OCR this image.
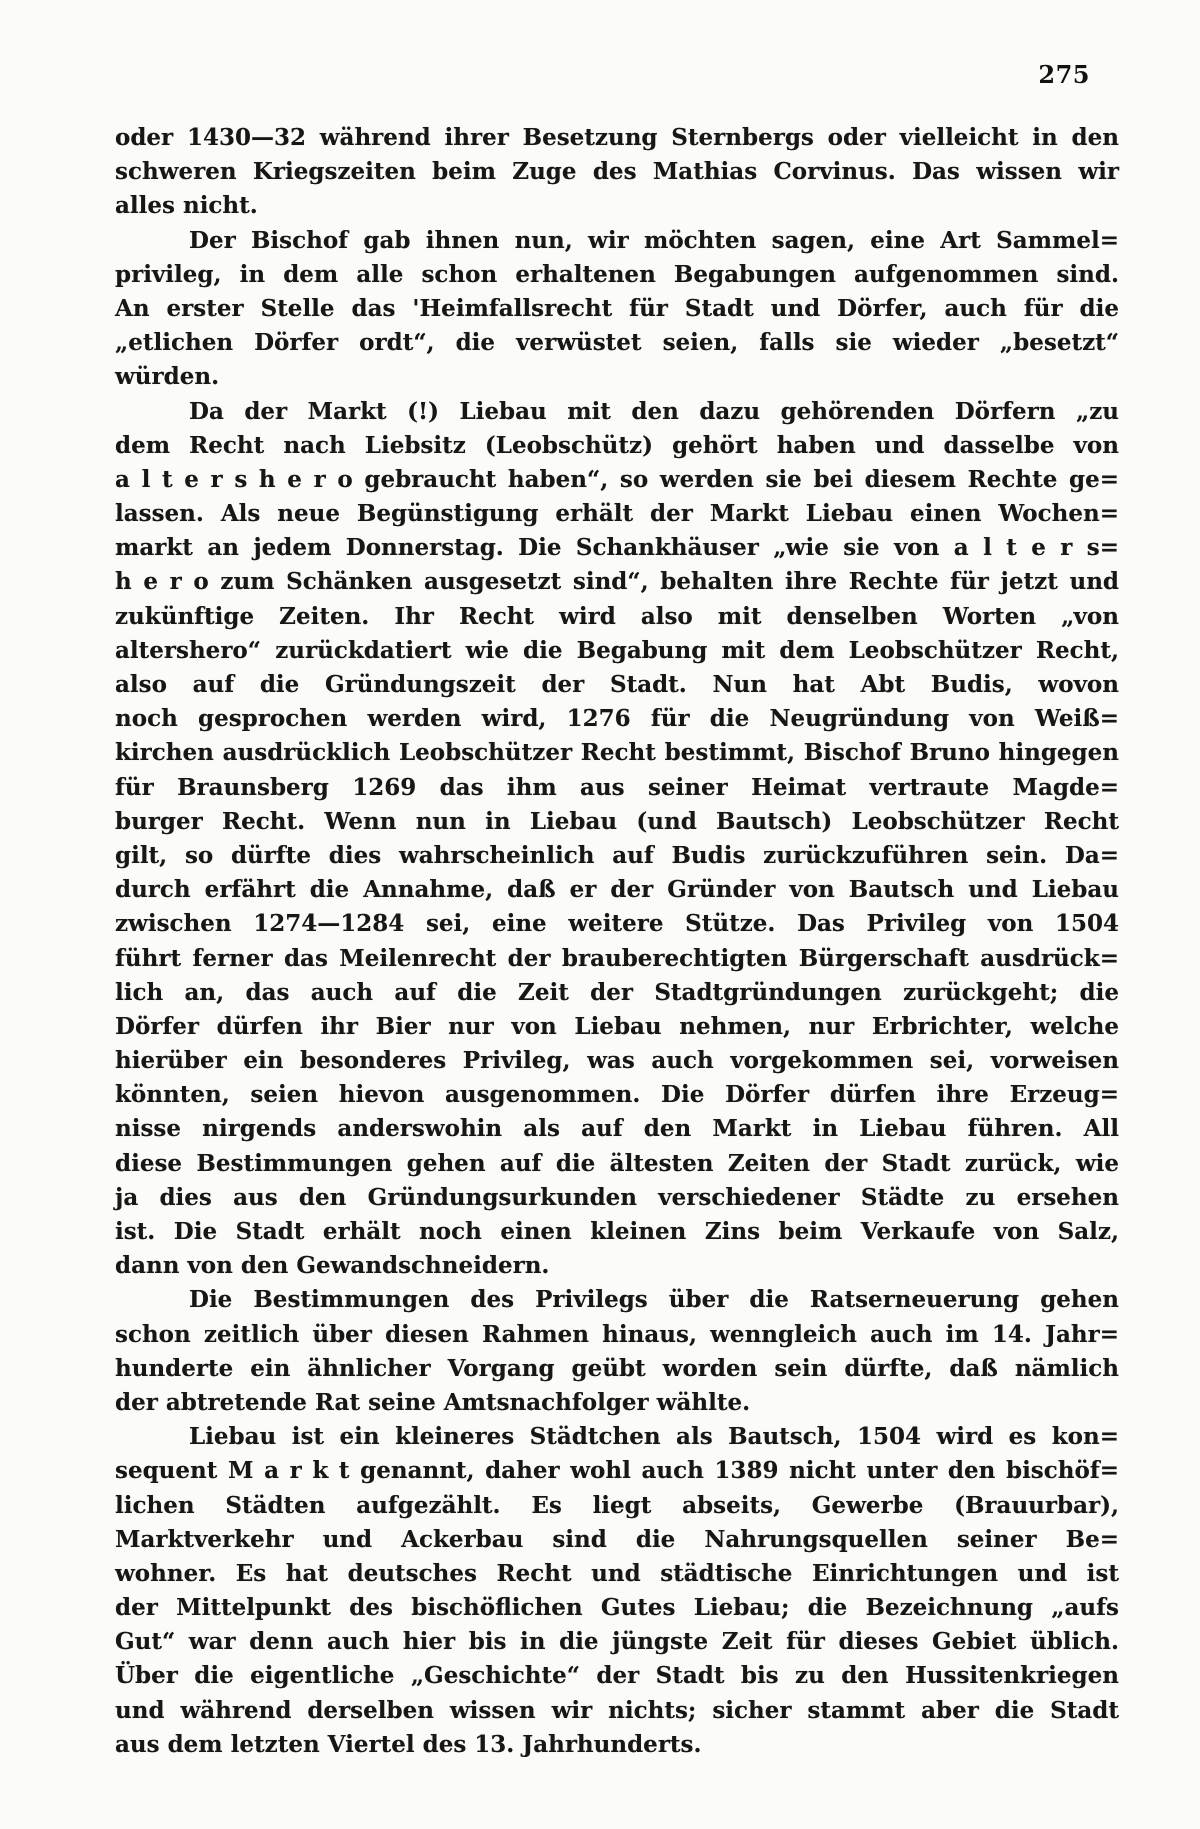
275
oder 1430—32 während ihrer Besetzung Sternbergs oder vielleicht in den
schweren Kriegszeiten beim Zuge des Mathias Corvinus. Das wissen wir
alles nicht.
Der Bischof gab ihnen nun, wir möchten sagen, eine Art Sammel=
privileg, in dem alle schon erhaltenen Begabungen aufgenommen sind.
An erster Stelle das 'Heimfallsrecht für Stadt und Dörfer, auch für die
„etlichen Dörfer ordt“, die verwüstet seien, falls sie wieder „besetzt“
würden.
Da der Markt (!) Liebau mit den dazu gehörenden Dörfern „zu
dem Recht nach Liebsitz (Leobschütz) gehört haben und dasselbe von
a l t e r s h e r o gebraucht haben“, so werden sie bei diesem Rechte ge=
lassen. Als neue Begünstigung erhält der Markt Liebau einen Wochen=
markt an jedem Donnerstag. Die Schankhäuser „wie sie von a l t e r s=
h e r o zum Schänken ausgesetzt sind“, behalten ihre Rechte für jetzt und
zukünftige Zeiten. Ihr Recht wird also mit denselben Worten „von
altershero“ zurückdatiert wie die Begabung mit dem Leobschützer Recht,
also auf die Gründungszeit der Stadt. Nun hat Abt Budis, wovon
noch gesprochen werden wird, 1276 für die Neugründung von Weiß=
kirchen ausdrücklich Leobschützer Recht bestimmt, Bischof Bruno hingegen
für Braunsberg 1269 das ihm aus seiner Heimat vertraute Magde=
burger Recht. Wenn nun in Liebau (und Bautsch) Leobschützer Recht
gilt, so dürfte dies wahrscheinlich auf Budis zurückzuführen sein. Da=
durch erfährt die Annahme, daß er der Gründer von Bautsch und Liebau
zwischen 1274—1284 sei, eine weitere Stütze. Das Privileg von 1504
führt ferner das Meilenrecht der brauberechtigten Bürgerschaft ausdrück=
lich an, das auch auf die Zeit der Stadtgründungen zurückgeht; die
Dörfer dürfen ihr Bier nur von Liebau nehmen, nur Erbrichter, welche
hierüber ein besonderes Privileg, was auch vorgekommen sei, vorweisen
könnten, seien hievon ausgenommen. Die Dörfer dürfen ihre Erzeug=
nisse nirgends anderswohin als auf den Markt in Liebau führen. All
diese Bestimmungen gehen auf die ältesten Zeiten der Stadt zurück, wie
ja dies aus den Gründungsurkunden verschiedener Städte zu ersehen
ist. Die Stadt erhält noch einen kleinen Zins beim Verkaufe von Salz,
dann von den Gewandschneidern.
Die Bestimmungen des Privilegs über die Ratserneuerung gehen
schon zeitlich über diesen Rahmen hinaus, wenngleich auch im 14. Jahr=
hunderte ein ähnlicher Vorgang geübt worden sein dürfte, daß nämlich
der abtretende Rat seine Amtsnachfolger wählte.
Liebau ist ein kleineres Städtchen als Bautsch, 1504 wird es kon=
sequent M a r k t genannt, daher wohl auch 1389 nicht unter den bischöf=
lichen Städten aufgezählt. Es liegt abseits, Gewerbe (Brauurbar),
Marktverkehr und Ackerbau sind die Nahrungsquellen seiner Be=
wohner. Es hat deutsches Recht und städtische Einrichtungen und ist
der Mittelpunkt des bischöflichen Gutes Liebau; die Bezeichnung „aufs
Gut“ war denn auch hier bis in die jüngste Zeit für dieses Gebiet üblich.
Über die eigentliche „Geschichte“ der Stadt bis zu den Hussitenkriegen
und während derselben wissen wir nichts; sicher stammt aber die Stadt
aus dem letzten Viertel des 13. Jahrhunderts.
